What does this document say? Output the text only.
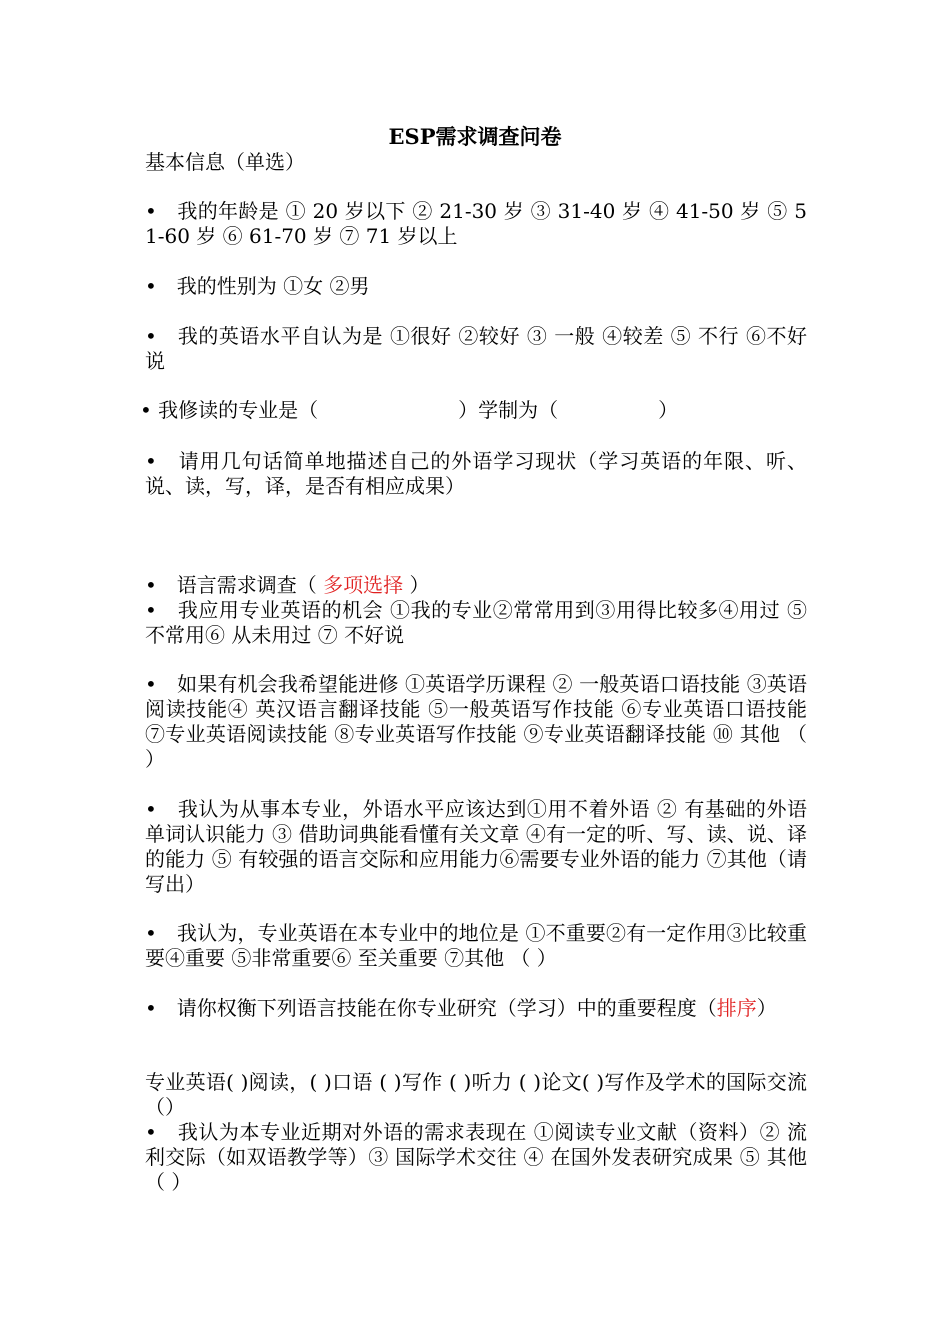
ESP需求调查问卷
基本信息（单选）
•　我的年龄是 ① 20 岁以下 ② 21-30 岁 ③ 31-40 岁 ④ 41-50 岁 ⑤ 51-60 岁 ⑥ 61-70 岁 ⑦ 71 岁以上
•　我的性别为 ①女 ②男
•　我的英语水平自认为是 ①很好 ②较好 ③ 一般 ④较差 ⑤ 不行 ⑥不好说
• 我修读的专业是（　　　　　　　）学制为（　　　　　）
•　请用几句话简单地描述自己的外语学习现状（学习英语的年限、听、说、读，写，译，是否有相应成果）
•　语言需求调查（ 多项选择 ）
•　我应用专业英语的机会 ①我的专业②常常用到③用得比较多④用过 ⑤不常用⑥ 从未用过 ⑦ 不好说
•　如果有机会我希望能进修 ①英语学历课程 ② 一般英语口语技能 ③英语阅读技能④ 英汉语言翻译技能 ⑤一般英语写作技能 ⑥专业英语口语技能 ⑦专业英语阅读技能 ⑧专业英语写作技能 ⑨专业英语翻译技能 ⑩ 其他 （ ）
•　我认为从事本专业，外语水平应该达到①用不着外语 ② 有基础的外语单词认识能力 ③ 借助词典能看懂有关文章 ④有一定的听、写、读、说、译的能力 ⑤ 有较强的语言交际和应用能力⑥需要专业外语的能力 ⑦其他（请写出）
•　我认为，专业英语在本专业中的地位是 ①不重要②有一定作用③比较重要④重要 ⑤非常重要⑥ 至关重要 ⑦其他 （ ）
•　请你权衡下列语言技能在你专业研究（学习）中的重要程度（排序）
专业英语( )阅读，( )口语 ( )写作 ( )听力 ( )论文( )写作及学术的国际交流 （）
•　我认为本专业近期对外语的需求表现在 ①阅读专业文献（资料）② 流利交际（如双语教学等）③ 国际学术交往 ④ 在国外发表研究成果 ⑤ 其他 （ ）
